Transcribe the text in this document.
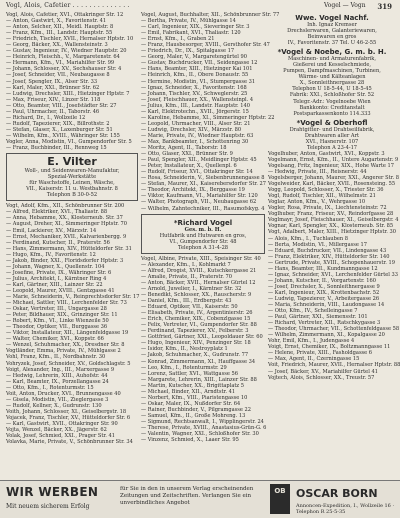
Vogl, Alois, Cafetier . . . . . . . . . . . . . .	Vogel — Vogn 319
Vogl, Alois, Cafetier, XVI., Ottakringer Str. 12
— Anton, Gastwirt, X., Favoritenstr. 41
— Anton, Selcher, XII., Meidl. Hauptstr. 8
— Franz, Kfm., III., Landstr. Hauptstr. 55
— Friedrich, Tischler, XVII., Hernalser Hptstr. 10
— Georg, Bäcker, XX., Wallensteinstr. 3
— Gustav, Ingenieur, IV., Wiedner Hauptstr. 20
— Heinrich, Fleischh., V., Margaretenstr. 64
— Hermann, Kfm., VI., Mariahilfer Str. 99
— Johann, Schlosser, XV., Sechshauser Str. 4
— Josef, Schneider, VII., Neubaugasse 8
— Josef, Spengler, IX., Alser Str. 33
— Karl, Maler, XXI., Brünner Str. 62
— Ludwig, Drechsler, XIII., Hietzinger Hptstr. 7
— Max, Friseur, XIV., Linzer Str. 118
— Otto, Beamter, VIII., Josefstädter Str. 27
— Paul, Uhrmacher, II., Taborstr. 46
— Richard, Dr., I., Wollzeile 12
— Rudolf, Tapezierer, XIX., Billrothstr. 2
— Stefan, Glaser, X., Laxenburger Str. 51
— Wilhelm, Kfm., XVIII., Währinger Str. 155
Vogler, Anna, Modistin, VI., Gumpendorfer Str. 5
— Franz, Buchbinder, III., Rennweg 15
E. Vilter
Woll-, und Seidenwaren-Manufaktur,
Spezial-Werkstätte
für Waschstoffe, Leinen, Wäsche,
VII., Kaiserstr. 11 u. Westbahnstr. 8
Telephon B 30-0-52
Vogt, Adolf, Kfm., XII., Schönbrunner Str. 200
— Alfred, Elektriker, XVI., Thaliastr. 88
— Anna, Hebamme, XX., Klosterneub. Str. 37
— August, Dreher, XI., Simmeringer Hptstr. 70
— Emil, Lackierer, XV., Märzstr. 14
— Ernst, Mechaniker, XVII., Kalvarienbergg. 9
— Ferdinand, Kutscher, II., Praterstr. 56
— Hans, Zimmermann, XIV., Hütteldorfer Str. 31
— Hugo, Kfm., IV., Favoritenstr. 12
— Jakob, Binder, XXI., Floridsdorfer Hptstr. 3
— Johann, Wagner, X., Quellenstr. 104
— Josefine, Private, IX., Währinger Str. 6
— Julius, Architekt, I., Kärntner Ring 4
— Karl, Gärtner, XIII., Lainzer Str. 22
— Leopold, Maurer, XVIII., Gentzgasse 41
— Marie, Schneiderin, V., Reinprechtsdorfer Str. 17
— Michael, Sattler, VIII., Lerchenfelder Str. 73
— Oskar, Vertreter, III., Ungargasse 28
— Peter, Bildhauer, XIX., Grinzinger Str. 11
— Robert, Kfm., VI., Linke Wienzeile 50
— Theodor, Optiker, VII., Burggasse 36
— Viktor, Installateur, XII., Längenfeldgasse 19
— Walter, Chemiker, XVI., Koppstr. 66
— Wenzel, Schuhmacher, XX., Dresdner Str. 8
Vogtländer, Emma, Private, IV., Mühlgasse 2
Vohl, Franz, Kfm., II., Nordbahnstr. 30
Vohryzek, Josef, Schneider, XV., Goldschlagstr. 5
Voigt, Alexander, Ing., III., Marxergasse 9
— Hedwig, Lehrerin, XIII., Auhofstr. 44
— Karl, Beamter, IX., Porzellangasse 24
— Otto, Kfm., I., Rotenturmstr. 15
Voit, Anton, Drucker, XVI., Brunnengasse 40
— Gisela, Modistin, VII., Zieglergasse 3
— Rudolf, Kellner, X., Gudrunstr. 130
Voith, Johann, Schlosser, XI., Geiselbergstr. 18
Vojacek, Franz, Tischler, XV., Hütteldorfer Str. 6
— Karl, Gastwirt, XVII., Ottakringer Str. 90
Vojta, Wenzel, Bäcker, XX., Jägerstr. 62
Volak, Josef, Schmied, XXI., Prager Str. 41
Volavka, Marie, Private, V., Schönbrunner Str. 34
Vogel, August, Buchhalter, XII., Schönbrunner Str. 77
— Bertha, Private, IV., Mühlgasse 14
— Carl, Ingenieur, XIX., Sieveringer Str. 3
— Emil, Fabrikant, XVI., Thaliastr. 120
— Ernst, Kfm., I., Graben 21
— Franz, Hausbesorger, XVIII., Gersthofer Str. 47
— Friedrich, Dr., IX., Spitalgasse 17
— Georg, Maler, V., Margaretengürtel 90
— Gustav, Buchdrucker, VII., Seidengasse 12
— Hans, Beamter, XIII., Hietzinger Kai 101
— Heinrich, Kfm., II., Obere Donaustr. 55
— Hermine, Modistin, VI., Stumpergasse 31
— Ignaz, Schneider, X., Favoritenstr. 168
— Johann, Tischler, XV., Schweglerstr. 25
— Josef, Fleischhauer, XX., Wallensteinpl. 4
— Julius, Kfm., III., Landstr. Hauptstr. 140
— Karl, Elektrotechn., XVII., Jörgerstr. 15
— Karoline, Hebamme, XI., Simmeringer Hptstr. 22
— Leopold, Uhrmacher, VIII., Alser Str. 21
— Ludwig, Drechsler, XIV., Märzstr. 80
— Marie, Private, IV., Wiedner Hauptstr. 63
— Max, Bankbeamter, I., Schottenring 30
— Moritz, Agent, II., Taborstr. 18
— Otto, Glaser, XXI., Brünner Str. 9
— Paul, Spengler, XII., Meidlinger Hptstr. 45
— Peter, Installateur, X., Quellenpl. 6
— Rudolf, Friseur, XVI., Ottakringer Str. 14
— Rosa, Schneiderin, V., Siebenbrunnengasse 8
— Stefan, Maurer, XI., Kaiserebersdorfer Str. 27
— Theodor, Architekt, IX., Berggasse 19
— Viktor, Kaufmann, VI., Mariahilfer Str. 120
— Walter, Photograph, VII., Neubaugasse 62
— Wilhelm, Zahntechniker, III., Rasumofskyg. 4
*Richard Vogel
Ges. m. b. H.
Hutfabrik und Hutwaren en gros,
VI., Gumpendorfer Str. 48
Telephon A 31-4-28
Vogel, Albine, Private, XIII., Speisinger Str. 40
— Alexander, Kfm., I., Kohlmarkt 7
— Alfred, Drogist, XVIII., Kutschkergasse 21
— Amalie, Private, II., Praterstr. 70
— Anton, Bäcker, XVII., Hernalser Gürtel 12
— Arnold, Juwelier, I., Kärntner Str. 32
— Benedikt, Schlosser, XX., Rauscherstr. 9
— Daniel, Kfm., III., Erdbergstr. 43
— Eduard, Optiker, VII., Kaiserstr. 50
— Elisabeth, Private, IV., Argentinierstr. 26
— Erich, Chemiker, XIX., Cobenzlgasse 15
— Felix, Vertreter, VI., Gumpendorfer Str. 88
— Ferdinand, Tapezierer, XV., Felberstr. 3
— Gottfried, Gärtner, XXI., Leopoldauer Str. 60
— Hugo, Ingenieur, XIV., Penzinger Str. 18
— Isidor, Kfm., II., Nestroyplatz 1
— Jakob, Schuhmacher, X., Gudrunstr. 77
— Konrad, Zimmermann, XI., Hauffgasse 34
— Leo, Kfm., I., Rotenturmstr. 29
— Lorenz, Sattler, XVI., Wattgasse 56
— Margarete, Lehrerin, XIII., Lainzer Str. 88
— Martin, Kutscher, XX., Brigittaplatz 5
— Michael, Binder, XII., Arndtstr. 41
— Norbert, Kfm., VIII., Piaristengasse 10
— Oskar, Maler, IX., Nußdorfer Str. 64
— Rainer, Buchbinder, V., Pilgramgasse 22
— Samuel, Kfm., II., Große Mohreng. 13
— Sigmund, Rechtsanwalt, I., Wipplingerstr. 24
— Therese, Private, XVIII., Anastasius-Grün-G. 6
— Valentin, Wagner, XXI., Schloßhofer Str. 30
— Vinzenz, Schmied, X., Laaer Str. 95
Wwe. Vogel Nachf.
Inh. Ignaz Kremser
Drechslerwaren, Galanteriewaren,
Beinwaren en gros
IV., Favoritenstr. 37 Tel. U 46-2-55
*Vogel & Noebe, G. m. b. H.
Maschinen- und Armaturenfabrik,
Gießerei und Kesselschmiede,
Pumpen, Dampfmaschinen, Turbinen,
Wärme- und Kälteanlagen
X., Sonnleithnergasse 28
Telephon U 18-5-44, U 18-5-45
Fabrik: XXI., Schloßhofer Str. 52
Telegr.-Adr.: Vogelnoebe Wien
Bankkonto: Creditanstalt
Postsparkassenkonto 114.333
*Vogel & Oberhofl
Drahtgitter- und Drahtseilfabrik,
Drahtwaren aller Art
XVI., Hasnerstr. 107
Telephon A 23-4-17
Vogelhuber, Anton, Gastwirt, XVI., Koppstr. 3
Vogelmann, Ernst, Kfm., II., Untere Augartenstr. 9
Vogelsang, Fritz, Ingenieur, XIX., Hohe Warte 17
— Hedwig, Private, III., Reisnerstr. 44
Vogelsberger, Johann, Maurer, XXI., Angerer Str. 8
Vogelweider, Karl, Bäcker, XVII., Rosensteing. 55
Vogg, Leopold, Schlosser, X., Triester Str. 36
Vogl, Rudolf, Tischler, XII., Wilhelmstr. 21
Voglar, Anton, Kfm., V., Wehrgasse 10
Vogler, Rosa, Private, IX., Liechtensteinstr. 72
Voglhuber, Franz, Friseur, XV., Reindorfgasse 28
Voglmayr, Josef, Fleischhauer, XI., Geiselbergstr. 4
Vognar, Karl, Spengler, XX., Klosterneub. Str. 85
Vogt, Adalbert, Maler, XIII., Hietzinger Hptstr. 30
— Alois, Kfm., I., Tuchlauben 8
— Berta, Modistin, VI., Millergasse 17
— Eduard, Buchdrucker, VII., Lindengasse 43
— Franz, Elektriker, XIV., Hütteldorfer Str. 140
— Gertrude, Private, XVIII., Schopenhauerstr. 19
— Hans, Beamter, III., Kundmanngasse 12
— Ignaz, Schneider, XVI., Lerchenfelder Gürtel 33
— Johann, Kutscher, II., Vorgartenstr. 160
— Josef, Drechsler, X., Sonnleithnergasse 9
— Karl, Ingenieur, XIX., Krottenbachstr. 52
— Ludwig, Tapezierer, V., Arbeitergasse 26
— Maria, Schneiderin, VIII., Laudongasse 14
— Otto, Kfm., IV., Schelleingasse 7
— Paul, Gärtner, XXI., Siemensstr. 101
— Richard, Vertreter, XII., Ratschkygasse 3
— Theodor, Uhrmacher, VII., Schottenfeldgasse 58
— Wilhelm, Zimmermann, XI., Kopalgasse 20
Vohr, Emil, Kfm., I., Judengasse 4
Voigt, Ernst, Chemiker, IX., Boltzmanngasse 11
— Helene, Private, XIII., Fasholdgasse 6
— Max, Agent, II., Czerningasse 15
Voit, Friedrich, Maurer, XVII., Hernalser Hptstr. 88
— Josef, Bäcker, XV., Mariahilfer Gürtel 41
Vojtech, Alois, Schlosser, XX., Treustr. 57
WIR WERBEN
Mit neuem sicherem Erfolg
für Sie in den in unserem Verlag erscheinenden Zeitungen und Zeitschriften. Verlangen Sie ein unverbindliches Angebot
OB OSCAR BORN
Annoncen-Expedition, I., Wollzeile 16 · Telephon R 25-5-35
